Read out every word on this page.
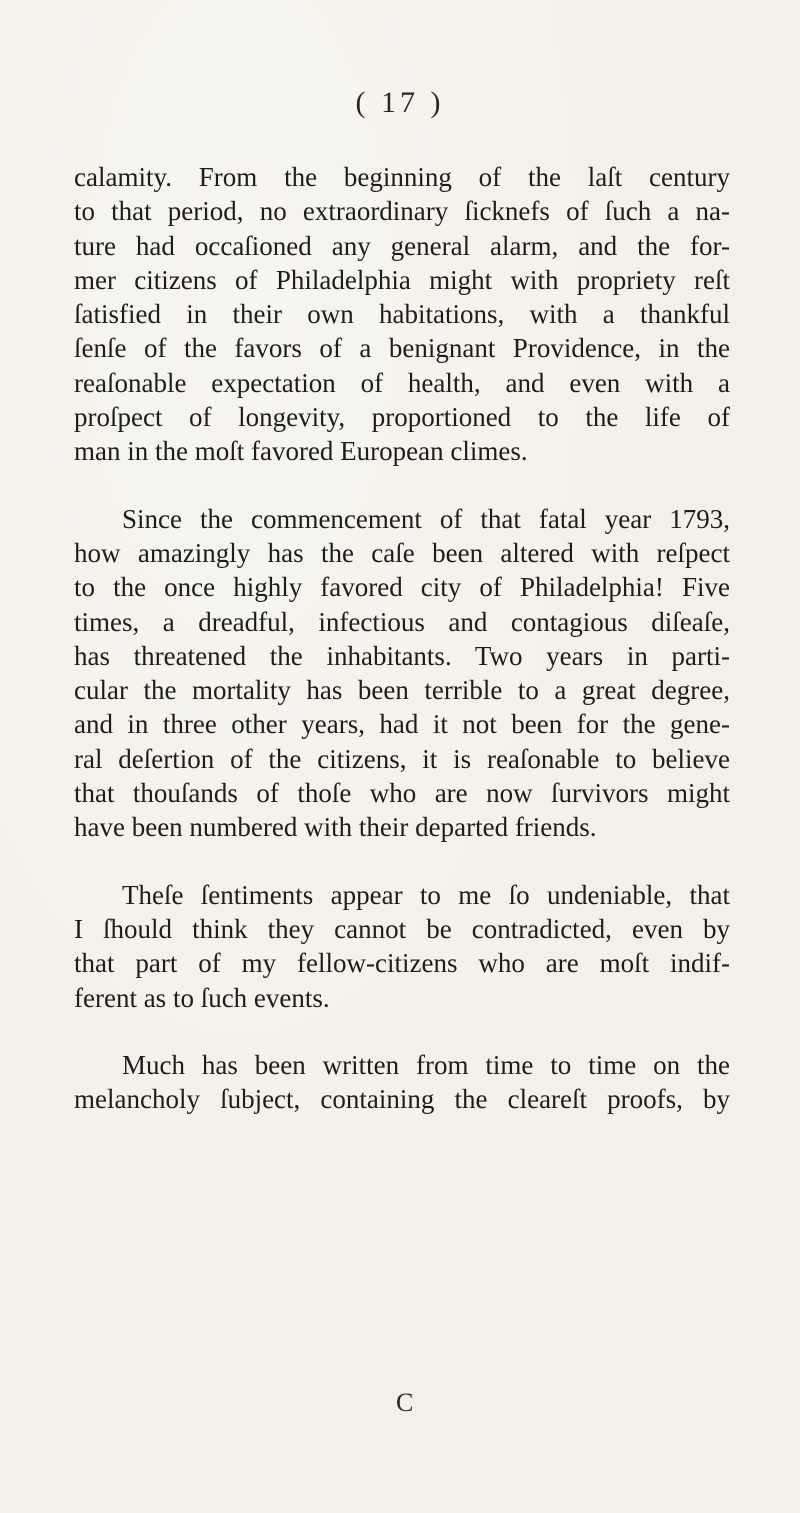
( 17 )
calamity. From the beginning of the laſt century
to that period, no extraordinary ſicknefs of ſuch a na-
ture had occaſioned any general alarm, and the for-
mer citizens of Philadelphia might with propriety reſt
ſatisfied in their own habitations, with a thankful
ſenſe of the favors of a benignant Providence, in the
reaſonable expectation of health, and even with a
proſpect of longevity, proportioned to the life of
man in the moſt favored European climes.
Since the commencement of that fatal year 1793,
how amazingly has the caſe been altered with reſpect
to the once highly favored city of Philadelphia! Five
times, a dreadful, infectious and contagious diſeaſe,
has threatened the inhabitants. Two years in parti-
cular the mortality has been terrible to a great degree,
and in three other years, had it not been for the gene-
ral deſertion of the citizens, it is reaſonable to believe
that thouſands of thoſe who are now ſurvivors might
have been numbered with their departed friends.
Theſe ſentiments appear to me ſo undeniable, that
I ſhould think they cannot be contradicted, even by
that part of my fellow-citizens who are moſt indif-
ferent as to ſuch events.
Much has been written from time to time on the
melancholy ſubject, containing the cleareſt proofs, by
C
